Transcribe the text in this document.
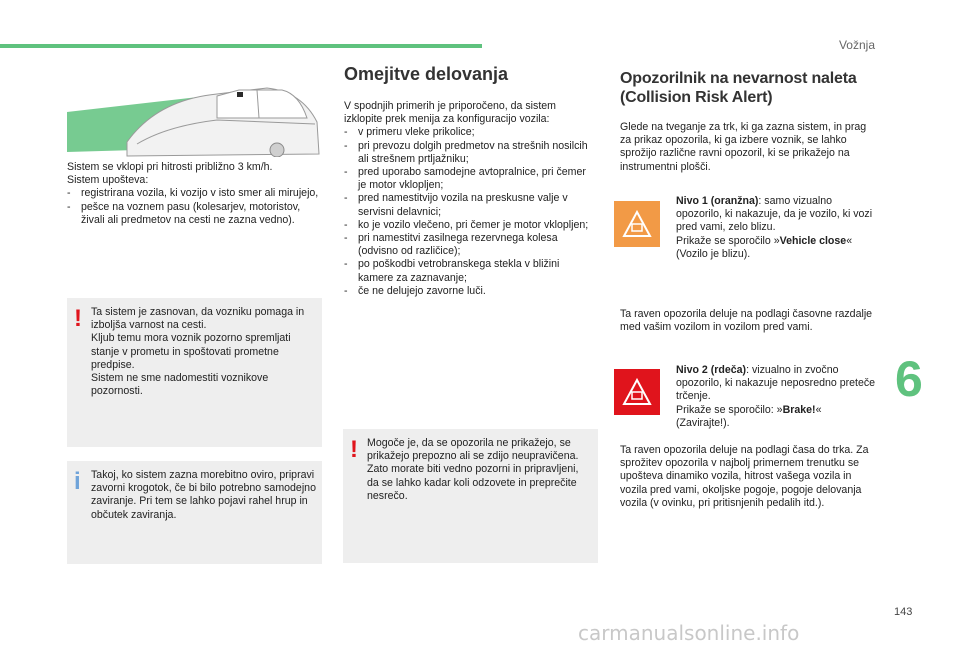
Vožnja
6
143
carmanualsonline.info

Sistem se vklopi pri hitrosti približno 3 km/h.

Sistem upošteva:

- registrirana vozila, ki vozijo v isto smer ali mirujejo,
- pešce na voznem pasu (kolesarjev, motoristov, živali ali predmetov na cesti ne zazna vedno).
! Ta sistem je zasnovan, da vozniku pomaga in izboljša varnost na cesti.

Kljub temu mora voznik pozorno spremljati stanje v prometu in spoštovati prometne predpise.

Sistem ne sme nadomestiti voznikove pozornosti.

i Takoj, ko sistem zazna morebitno oviro, pripravi zavorni krogotok, če bi bilo potrebno samodejno zaviranje. Pri tem se lahko pojavi rahel hrup in občutek zaviranja.

Omejitve delovanja

V spodnjih primerih je priporočeno, da sistem izklopite prek menija za konfiguracijo vozila:

- v primeru vleke prikolice;
- pri prevozu dolgih predmetov na strešnih nosilcih ali strešnem prtljažniku;
- pred uporabo samodejne avtopralnice, pri čemer je motor vklopljen;
- pred namestitvijo vozila na preskusne valje v servisni delavnici;
- ko je vozilo vlečeno, pri čemer je motor vklopljen;
- pri namestitvi zasilnega rezervnega kolesa (odvisno od različice);
- po poškodbi vetrobranskega stekla v bližini kamere za zaznavanje;
- če ne delujejo zavorne luči.
! Mogoče je, da se opozorila ne prikažejo, se prikažejo prepozno ali se zdijo neupravičena.

Zato morate biti vedno pozorni in pripravljeni, da se lahko kadar koli odzovete in preprečite nesrečo.

Opozorilnik na nevarnost naleta
(Collision Risk Alert)
Glede na tveganje za trk, ki ga zazna sistem, in prag za prikaz opozorila, ki ga izbere voznik, se lahko sprožijo različne ravni opozoril, ki se prikažejo na instrumentni plošči.
Nivo 1 (oranžna): samo vizualno opozorilo, ki nakazuje, da je vozilo, ki vozi pred vami, zelo blizu.
Prikaže se sporočilo »Vehicle close« (Vozilo je blizu).
Ta raven opozorila deluje na podlagi časovne razdalje med vašim vozilom in vozilom pred vami.
Nivo 2 (rdeča): vizualno in zvočno opozorilo, ki nakazuje neposredno preteče trčenje.
Prikaže se sporočilo: »Brake!« (Zavirajte!).
Ta raven opozorila deluje na podlagi časa do trka. Za sprožitev opozorila v najbolj primernem trenutku se upošteva dinamiko vozila, hitrost vašega vozila in vozila pred vami, okoljske pogoje, pogoje delovanja vozila (v ovinku, pri pritisnjenih pedalih itd.).
